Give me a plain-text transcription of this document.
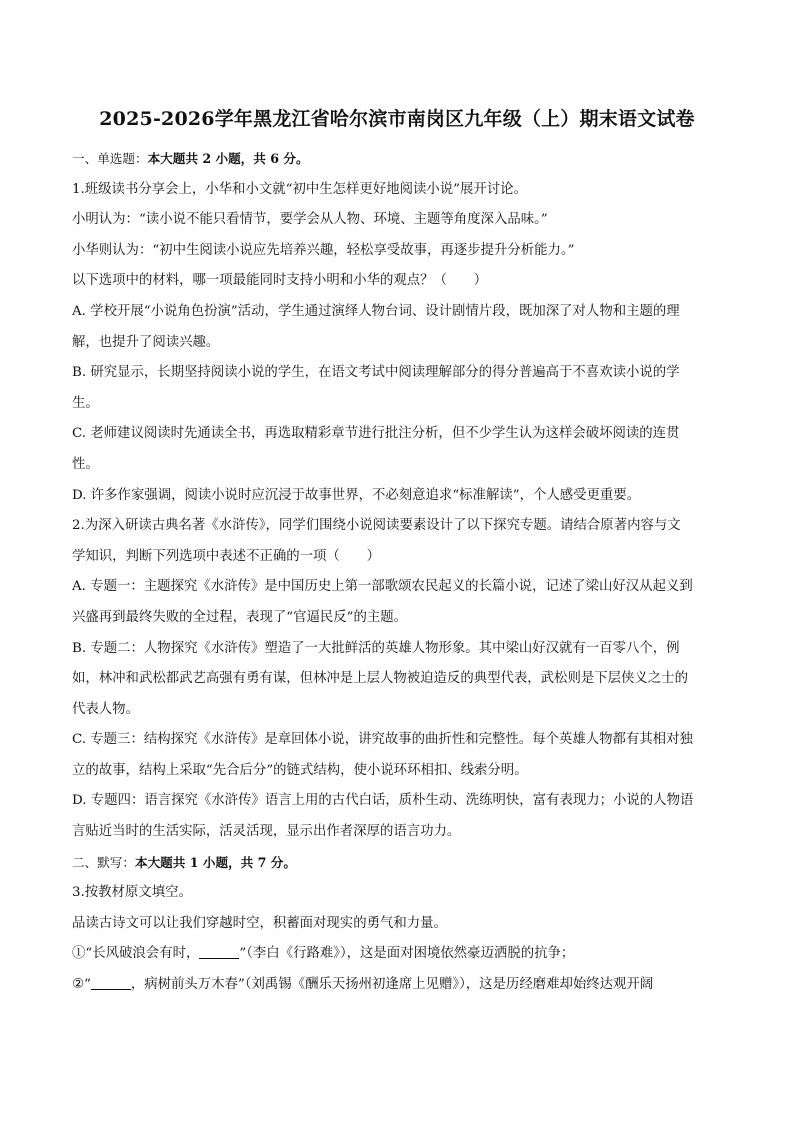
2025-2026学年黑龙江省哈尔滨市南岗区九年级（上）期末语文试卷
一、单选题：本大题共 2 小题，共 6 分。
1.班级读书分享会上，小华和小文就“初中生怎样更好地阅读小说”展开讨论。
小明认为：“读小说不能只看情节，要学会从人物、环境、主题等角度深入品味。”
小华则认为：“初中生阅读小说应先培养兴趣，轻松享受故事，再逐步提升分析能力。”
以下选项中的材料，哪一项最能同时支持小明和小华的观点？（　　）
A. 学校开展“小说角色扮演”活动，学生通过演绎人物台词、设计剧情片段，既加深了对人物和主题的理
解，也提升了阅读兴趣。
B. 研究显示，长期坚持阅读小说的学生，在语文考试中阅读理解部分的得分普遍高于不喜欢读小说的学
生。
C. 老师建议阅读时先通读全书，再选取精彩章节进行批注分析，但不少学生认为这样会破坏阅读的连贯
性。
D. 许多作家强调，阅读小说时应沉浸于故事世界，不必刻意追求“标准解读”，个人感受更重要。
2.为深入研读古典名著《水浒传》，同学们围绕小说阅读要素设计了以下探究专题。请结合原著内容与文
学知识，判断下列选项中表述不正确的一项（　　）
A. 专题一：主题探究《水浒传》是中国历史上第一部歌颂农民起义的长篇小说，记述了梁山好汉从起义到
兴盛再到最终失败的全过程，表现了“官逼民反”的主题。
B. 专题二：人物探究《水浒传》塑造了一大批鲜活的英雄人物形象。其中梁山好汉就有一百零八个，例
如，林冲和武松都武艺高强有勇有谋，但林冲是上层人物被迫造反的典型代表，武松则是下层侠义之士的
代表人物。
C. 专题三：结构探究《水浒传》是章回体小说，讲究故事的曲折性和完整性。每个英雄人物都有其相对独
立的故事，结构上采取“先合后分”的链式结构，使小说环环相扣、线索分明。
D. 专题四：语言探究《水浒传》语言上用的古代白话，质朴生动、洗练明快，富有表现力；小说的人物语
言贴近当时的生活实际，活灵活现，显示出作者深厚的语言功力。
二、默写：本大题共 1 小题，共 7 分。
3.按教材原文填空。
品读古诗文可以让我们穿越时空，积蓄面对现实的勇气和力量。
①“长风破浪会有时，	”（李白《行路难》），这是面对困境依然豪迈洒脱的抗争；
②“	，病树前头万木春”（刘禹锡《酬乐天扬州初逢席上见赠》），这是历经磨难却始终达观开阔
